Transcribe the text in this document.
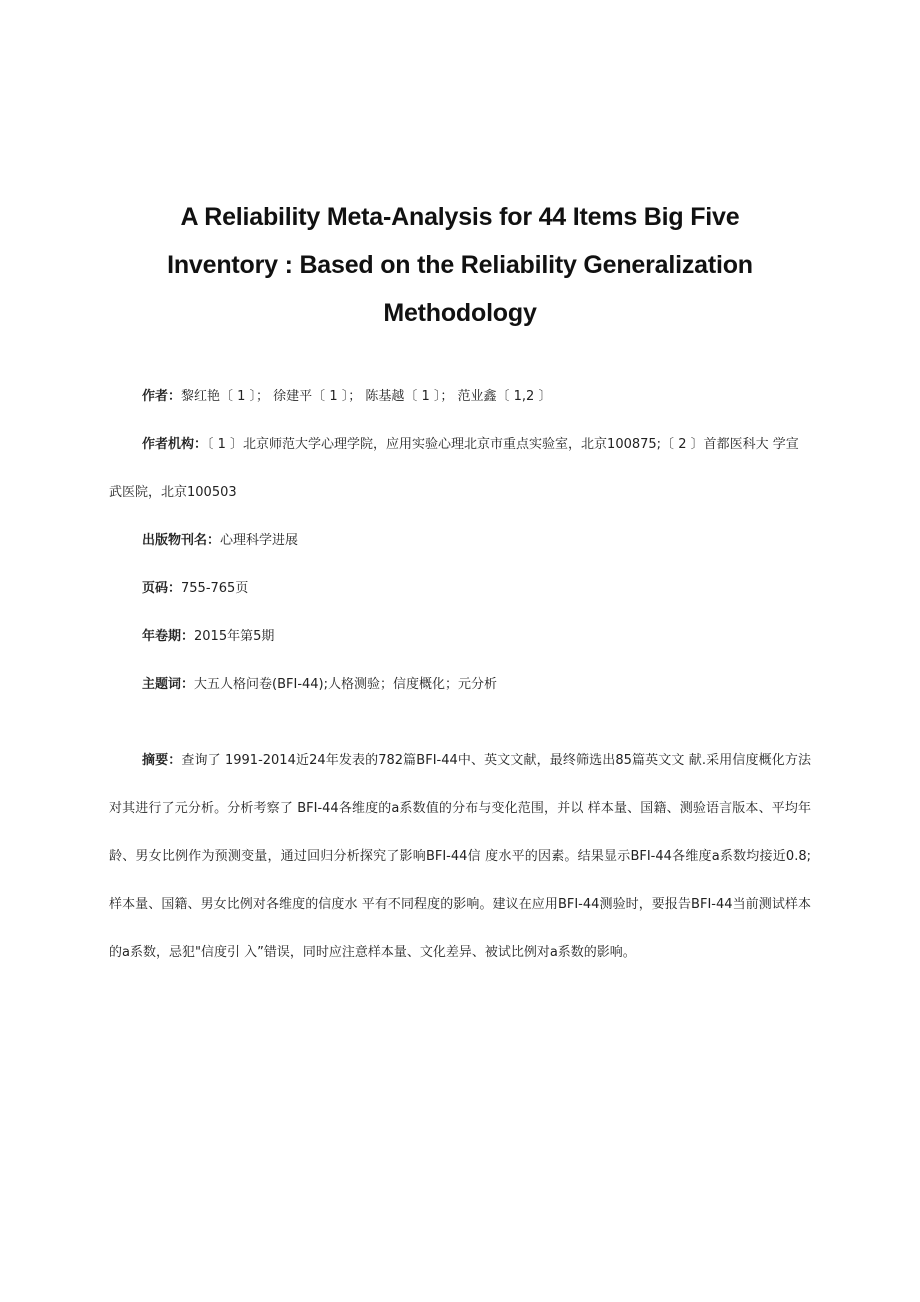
A Reliability Meta-Analysis for 44 Items Big Five
Inventory : Based on the Reliability Generalization
Methodology
作者：黎红艳〔 1 〕； 徐建平〔 1 〕； 陈基越〔 1 〕； 范业鑫〔 1,2 〕
作者机构：〔 1 〕北京师范大学心理学院，应用实验心理北京市重点实验室，北京100875;〔 2 〕首都医科大 学宣武医院，北京100503
出版物刊名：心理科学进展
页码：755-765页
年卷期：2015年第5期
主题词：大五人格问卷(BFI-44);人格测验；信度概化；元分析
摘要：查询了 1991-2014近24年发表的782篇BFI-44中、英文文献，最终筛选出85篇英文文 献.采用信度概化方法对其进行了元分析。分析考察了 BFI-44各维度的a系数值的分布与变化范围，并以 样本量、国籍、测验语言版本、平均年龄、男女比例作为预测变量，通过回归分析探究了影响BFI-44信 度水平的因素。结果显示BFI-44各维度a系数均接近0.8;样本量、国籍、男女比例对各维度的信度水 平有不同程度的影响。建议在应用BFI-44测验时，要报告BFI-44当前测试样本的a系数，忌犯"信度引 入”错误，同时应注意样本量、文化差异、被试比例对a系数的影响。
